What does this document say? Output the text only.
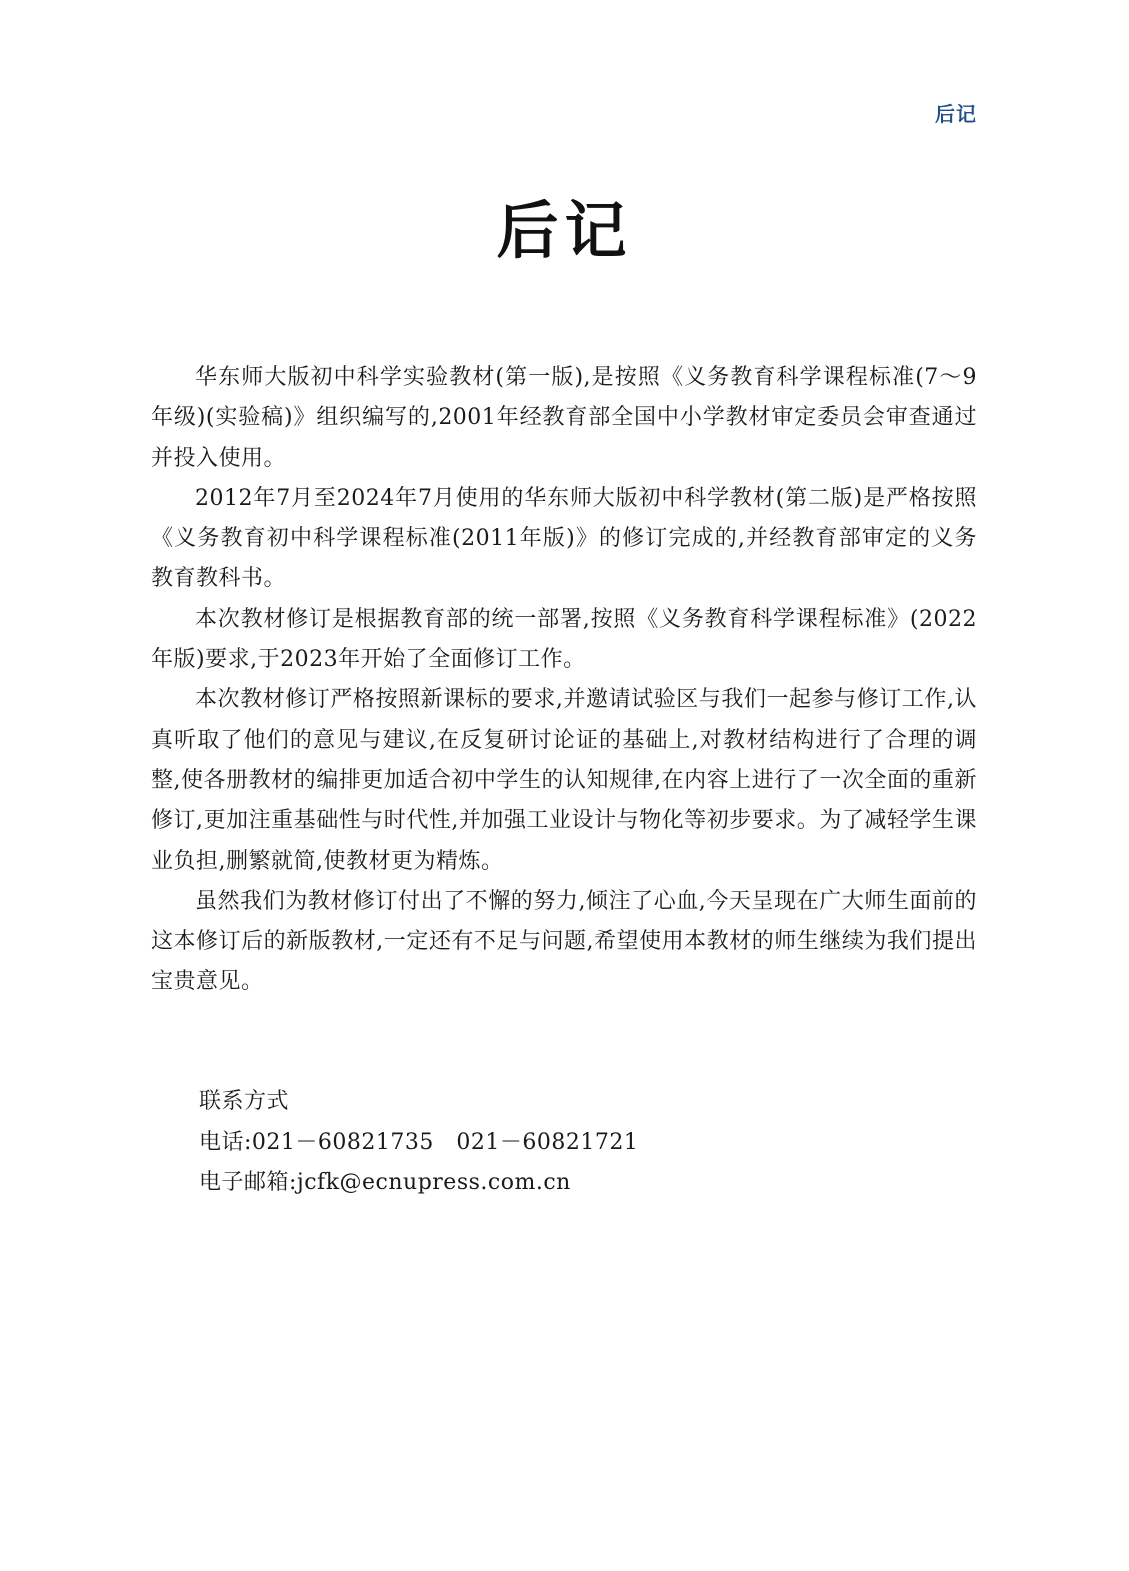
后记
后记

华东师大版初中科学实验教材(第一版),是按照《义务教育科学课程标准(7～9年级)(实验稿)》组织编写的,2001年经教育部全国中小学教材审定委员会审查通过并投入使用。

2012年7月至2024年7月使用的华东师大版初中科学教材(第二版)是严格按照《义务教育初中科学课程标准(2011年版)》的修订完成的,并经教育部审定的义务教育教科书。

本次教材修订是根据教育部的统一部署,按照《义务教育科学课程标准》(2022年版)要求,于2023年开始了全面修订工作。

本次教材修订严格按照新课标的要求,并邀请试验区与我们一起参与修订工作,认真听取了他们的意见与建议,在反复研讨论证的基础上,对教材结构进行了合理的调整,使各册教材的编排更加适合初中学生的认知规律,在内容上进行了一次全面的重新修订,更加注重基础性与时代性,并加强工业设计与物化等初步要求。为了减轻学生课业负担,删繁就简,使教材更为精炼。

虽然我们为教材修订付出了不懈的努力,倾注了心血,今天呈现在广大师生面前的这本修订后的新版教材,一定还有不足与问题,希望使用本教材的师生继续为我们提出宝贵意见。

联系方式
电话:021－60821735　021－60821721
电子邮箱:jcfk@ecnupress.com.cn
